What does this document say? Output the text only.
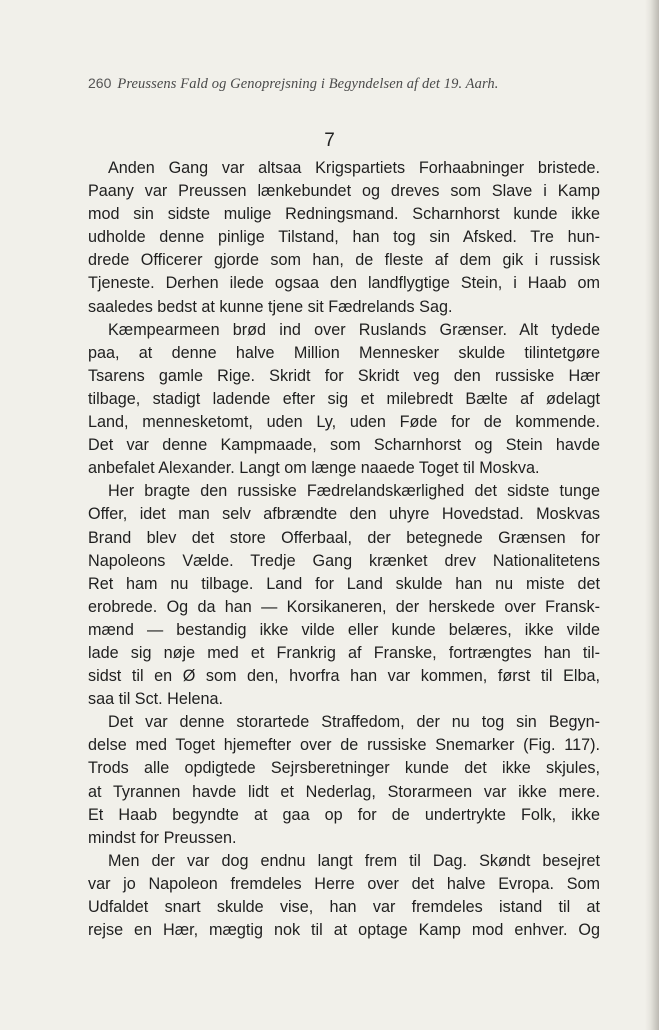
260 Preussens Fald og Genoprejsning i Begyndelsen af det 19. Aarh.
7
Anden Gang var altsaa Krigspartiets Forhaabninger bristede.
Paany var Preussen lænkebundet og dreves som Slave i Kamp
mod sin sidste mulige Redningsmand. Scharnhorst kunde ikke
udholde denne pinlige Tilstand, han tog sin Afsked. Tre hun-
drede Officerer gjorde som han, de fleste af dem gik i russisk
Tjeneste. Derhen ilede ogsaa den landflygtige Stein, i Haab om
saaledes bedst at kunne tjene sit Fædrelands Sag.
Kæmpearmeen brød ind over Ruslands Grænser. Alt tydede
paa, at denne halve Million Mennesker skulde tilintetgøre
Tsarens gamle Rige. Skridt for Skridt veg den russiske Hær
tilbage, stadigt ladende efter sig et milebredt Bælte af ødelagt
Land, mennesketomt, uden Ly, uden Føde for de kommende.
Det var denne Kampmaade, som Scharnhorst og Stein havde
anbefalet Alexander. Langt om længe naaede Toget til Moskva.
Her bragte den russiske Fædrelandskærlighed det sidste tunge
Offer, idet man selv afbrændte den uhyre Hovedstad. Moskvas
Brand blev det store Offerbaal, der betegnede Grænsen for
Napoleons Vælde. Tredje Gang krænket drev Nationalitetens
Ret ham nu tilbage. Land for Land skulde han nu miste det
erobrede. Og da han — Korsikaneren, der herskede over Fransk-
mænd — bestandig ikke vilde eller kunde belæres, ikke vilde
lade sig nøje med et Frankrig af Franske, fortrængtes han til-
sidst til en Ø som den, hvorfra han var kommen, først til Elba,
saa til Sct. Helena.
Det var denne storartede Straffedom, der nu tog sin Begyn-
delse med Toget hjemefter over de russiske Snemarker (Fig. 117).
Trods alle opdigtede Sejrsberetninger kunde det ikke skjules,
at Tyrannen havde lidt et Nederlag, Storarmeen var ikke mere.
Et Haab begyndte at gaa op for de undertrykte Folk, ikke
mindst for Preussen.
Men der var dog endnu langt frem til Dag. Skøndt besejret
var jo Napoleon fremdeles Herre over det halve Evropa. Som
Udfaldet snart skulde vise, han var fremdeles istand til at
rejse en Hær, mægtig nok til at optage Kamp mod enhver. Og
